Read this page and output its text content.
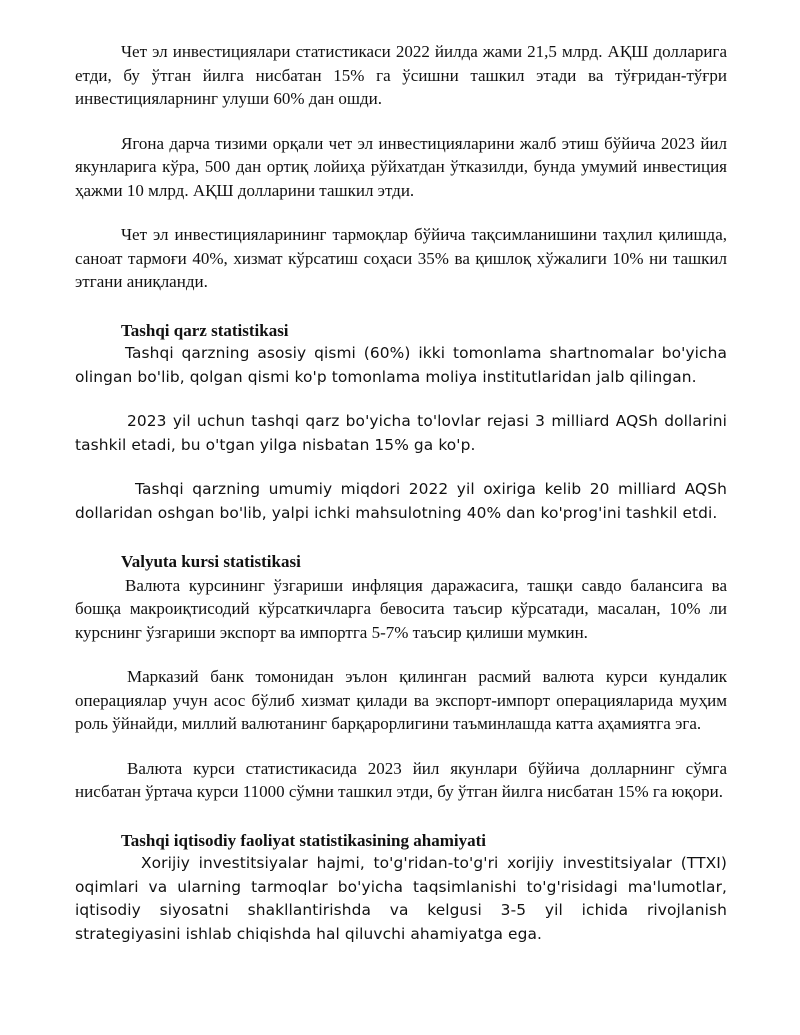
Чет эл инвестициялари статистикаси 2022 йилда жами 21,5 млрд. АҚШ долларига етди, бу ўтган йилга нисбатан 15% га ўсишни ташкил этади ва тўғридан-тўғри инвестицияларнинг улуши 60% дан ошди.

Ягона дарча тизими орқали чет эл инвестицияларини жалб этиш бўйича 2023 йил якунларига кўра, 500 дан ортиқ лойиҳа рўйхатдан ўтказилди, бунда умумий инвестиция ҳажми 10 млрд. АҚШ долларини ташкил этди.

Чет эл инвестицияларининг тармоқлар бўйича тақсимланишини таҳлил қилишда, саноат тармоғи 40%, хизмат кўрсатиш соҳаси 35% ва қишлоқ хўжалиги 10% ни ташкил этгани аниқланди.

Tashqi qarz statistikasi

Tashqi qarzning asosiy qismi (60%) ikki tomonlama shartnomalar bo'yicha olingan bo'lib, qolgan qismi ko'p tomonlama moliya institutlaridan jalb qilingan.

2023 yil uchun tashqi qarz bo'yicha to'lovlar rejasi 3 milliard AQSh dollarini tashkil etadi, bu o'tgan yilga nisbatan 15% ga ko'p.

Tashqi qarzning umumiy miqdori 2022 yil oxiriga kelib 20 milliard AQSh dollaridan oshgan bo'lib, yalpi ichki mahsulotning 40% dan ko'prog'ini tashkil etdi.

Valyuta kursi statistikasi

Валюта курсининг ўзгариши инфляция даражасига, ташқи савдо балансига ва бошқа макроиқтисодий кўрсаткичларга бевосита таъсир кўрсатади, масалан, 10% ли курснинг ўзгариши экспорт ва импортга 5-7% таъсир қилиши мумкин.

Марказий банк томонидан эълон қилинган расмий валюта курси кундалик операциялар учун асос бўлиб хизмат қилади ва экспорт-импорт операцияларида муҳим роль ўйнайди, миллий валютанинг барқарорлигини таъминлашда катта аҳамиятга эга.

Валюта курси статистикасида 2023 йил якунлари бўйича долларнинг сўмга нисбатан ўртача курси 11000 сўмни ташкил этди, бу ўтган йилга нисбатан 15% га юқори.

Tashqi iqtisodiy faoliyat statistikasining ahamiyati

Xorijiy investitsiyalar hajmi, to'g'ridan-to'g'ri xorijiy investitsiyalar (TTXI) oqimlari va ularning tarmoqlar bo'yicha taqsimlanishi to'g'risidagi ma'lumotlar, iqtisodiy siyosatni shakllantirishda va kelgusi 3-5 yil ichida rivojlanish strategiyasini ishlab chiqishda hal qiluvchi ahamiyatga ega.
